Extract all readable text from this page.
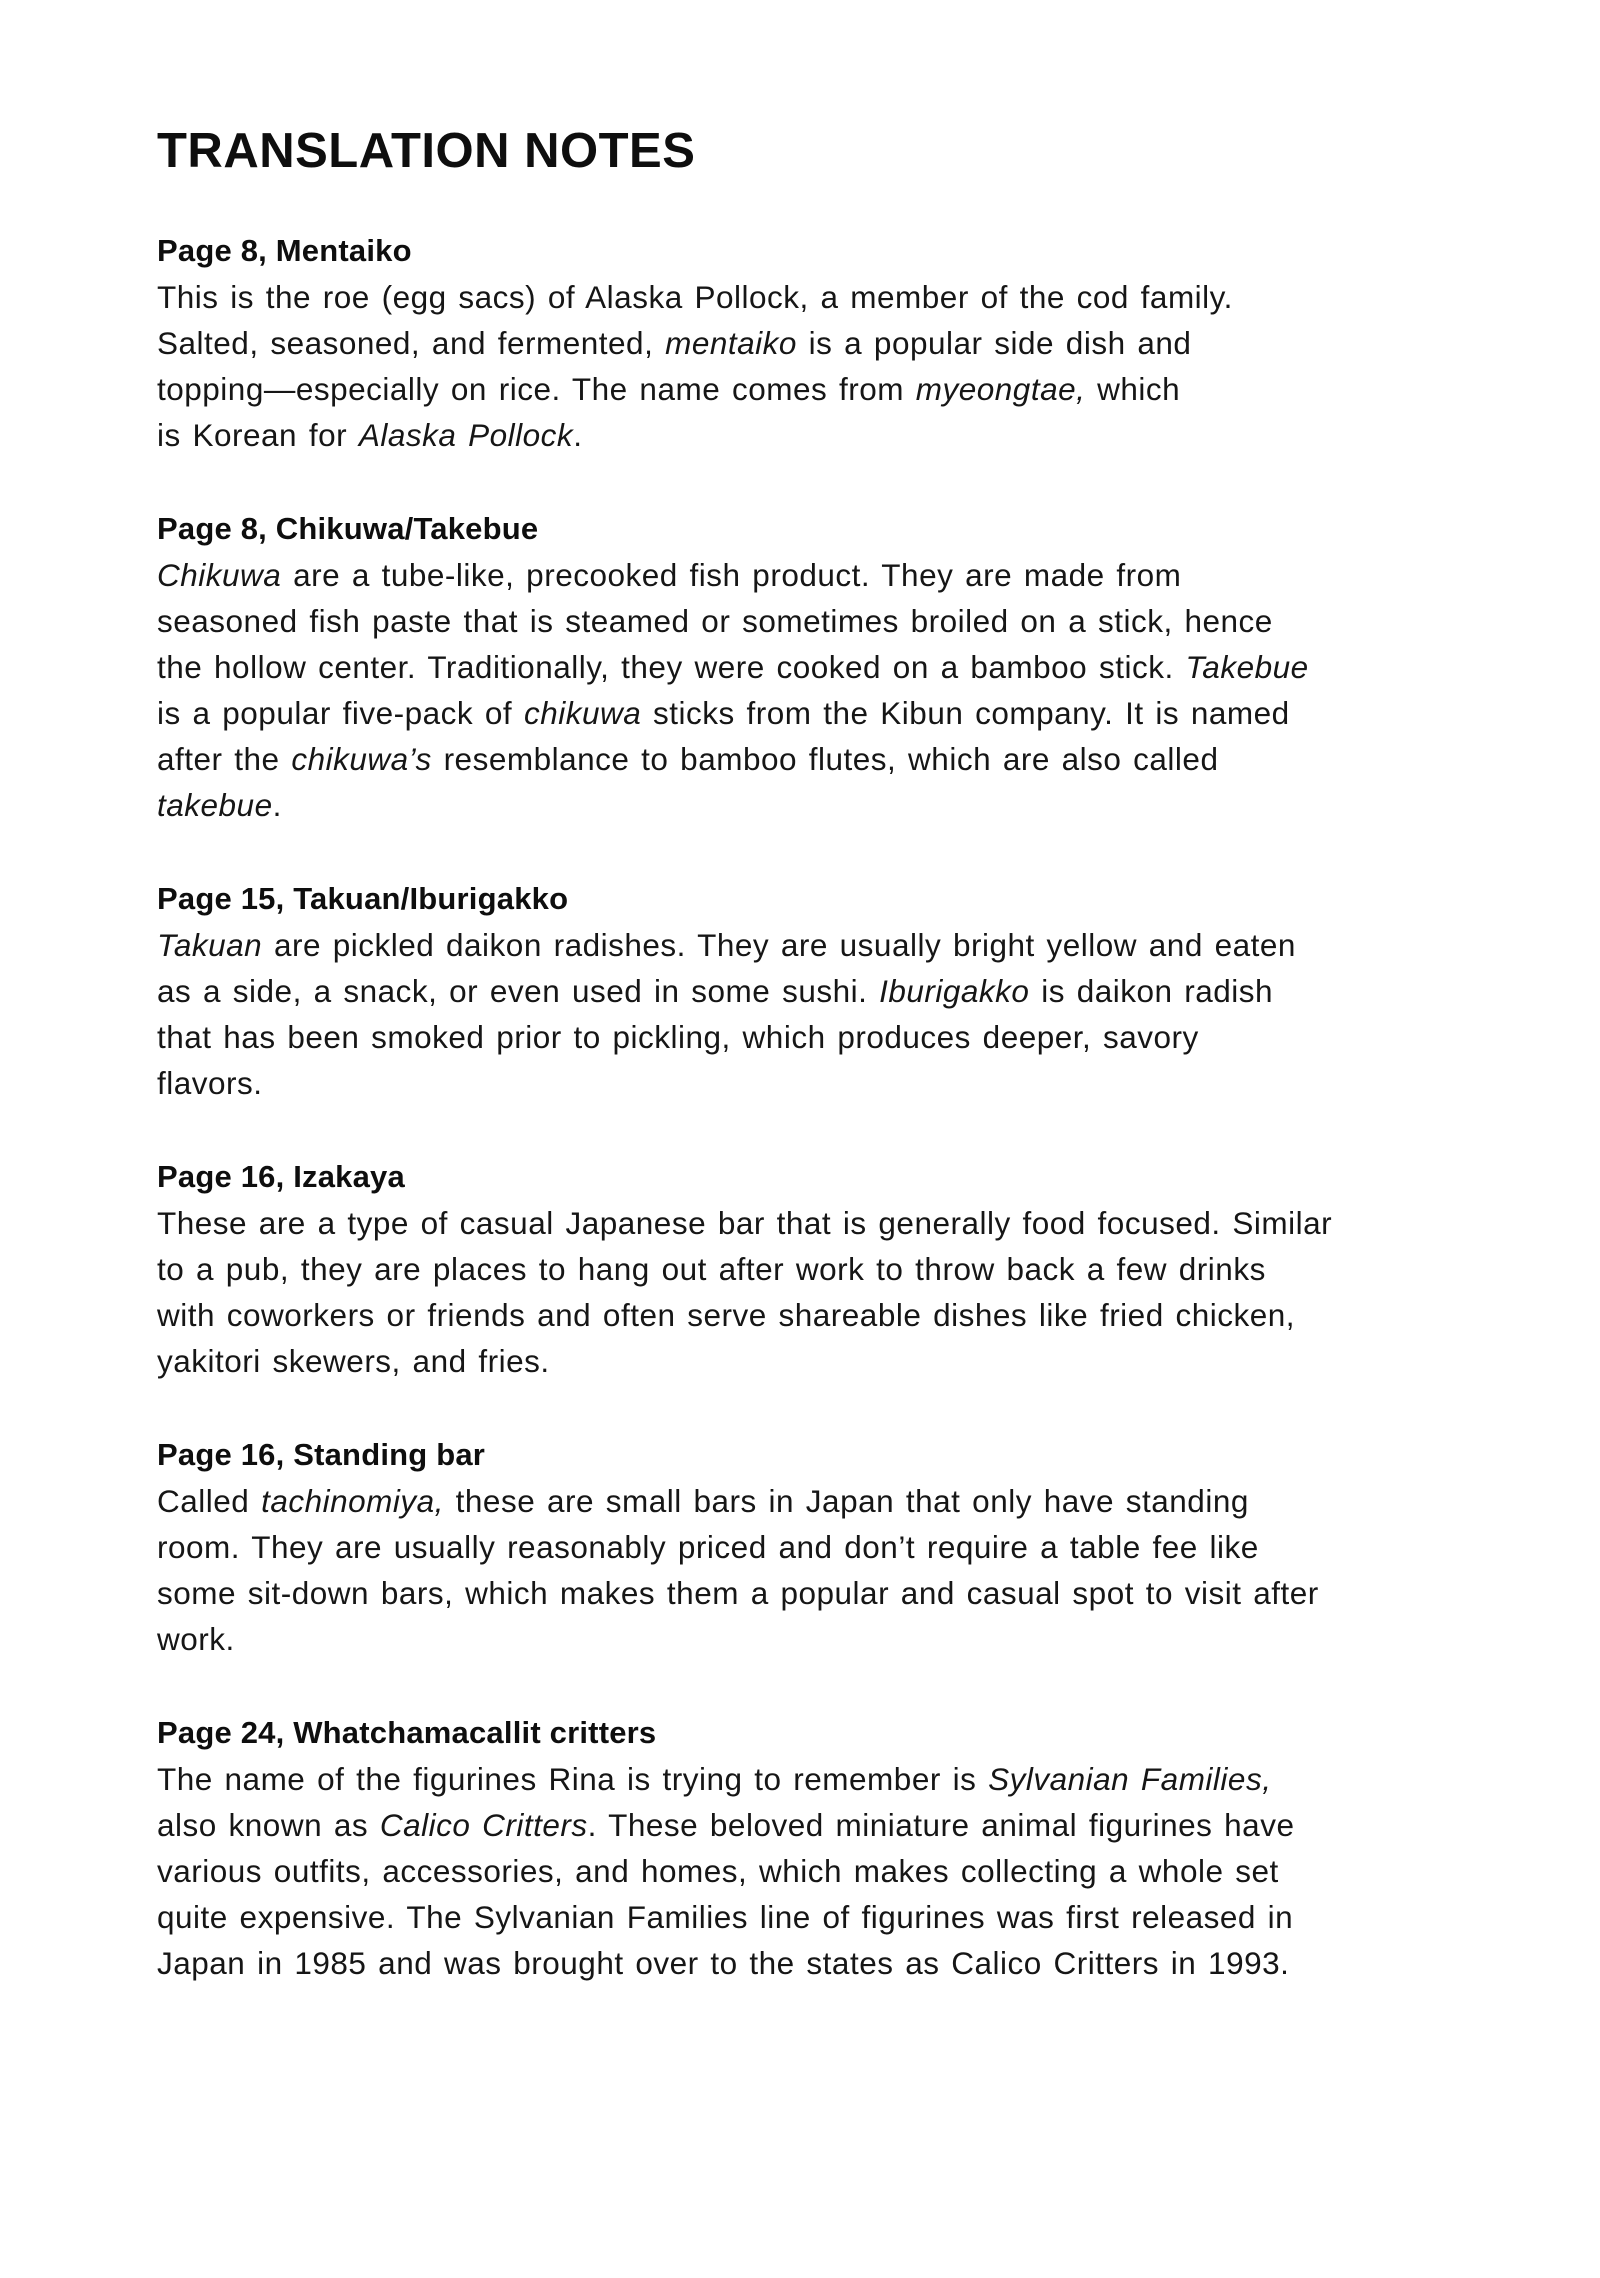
TRANSLATION NOTES
Page 8, Mentaiko
This is the roe (egg sacs) of Alaska Pollock, a member of the cod family.
Salted, seasoned, and fermented, mentaiko is a popular side dish and
topping—especially on rice. The name comes from myeongtae, which
is Korean for Alaska Pollock.
Page 8, Chikuwa/Takebue
Chikuwa are a tube-like, precooked fish product. They are made from
seasoned fish paste that is steamed or sometimes broiled on a stick, hence
the hollow center. Traditionally, they were cooked on a bamboo stick. Takebue
is a popular five-pack of chikuwa sticks from the Kibun company. It is named
after the chikuwa’s resemblance to bamboo flutes, which are also called
takebue.
Page 15, Takuan/Iburigakko
Takuan are pickled daikon radishes. They are usually bright yellow and eaten
as a side, a snack, or even used in some sushi. Iburigakko is daikon radish
that has been smoked prior to pickling, which produces deeper, savory
flavors.
Page 16, Izakaya
These are a type of casual Japanese bar that is generally food focused. Similar
to a pub, they are places to hang out after work to throw back a few drinks
with coworkers or friends and often serve shareable dishes like fried chicken,
yakitori skewers, and fries.
Page 16, Standing bar
Called tachinomiya, these are small bars in Japan that only have standing
room. They are usually reasonably priced and don’t require a table fee like
some sit-down bars, which makes them a popular and casual spot to visit after
work.
Page 24, Whatchamacallit critters
The name of the figurines Rina is trying to remember is Sylvanian Families,
also known as Calico Critters. These beloved miniature animal figurines have
various outfits, accessories, and homes, which makes collecting a whole set
quite expensive. The Sylvanian Families line of figurines was first released in
Japan in 1985 and was brought over to the states as Calico Critters in 1993.
